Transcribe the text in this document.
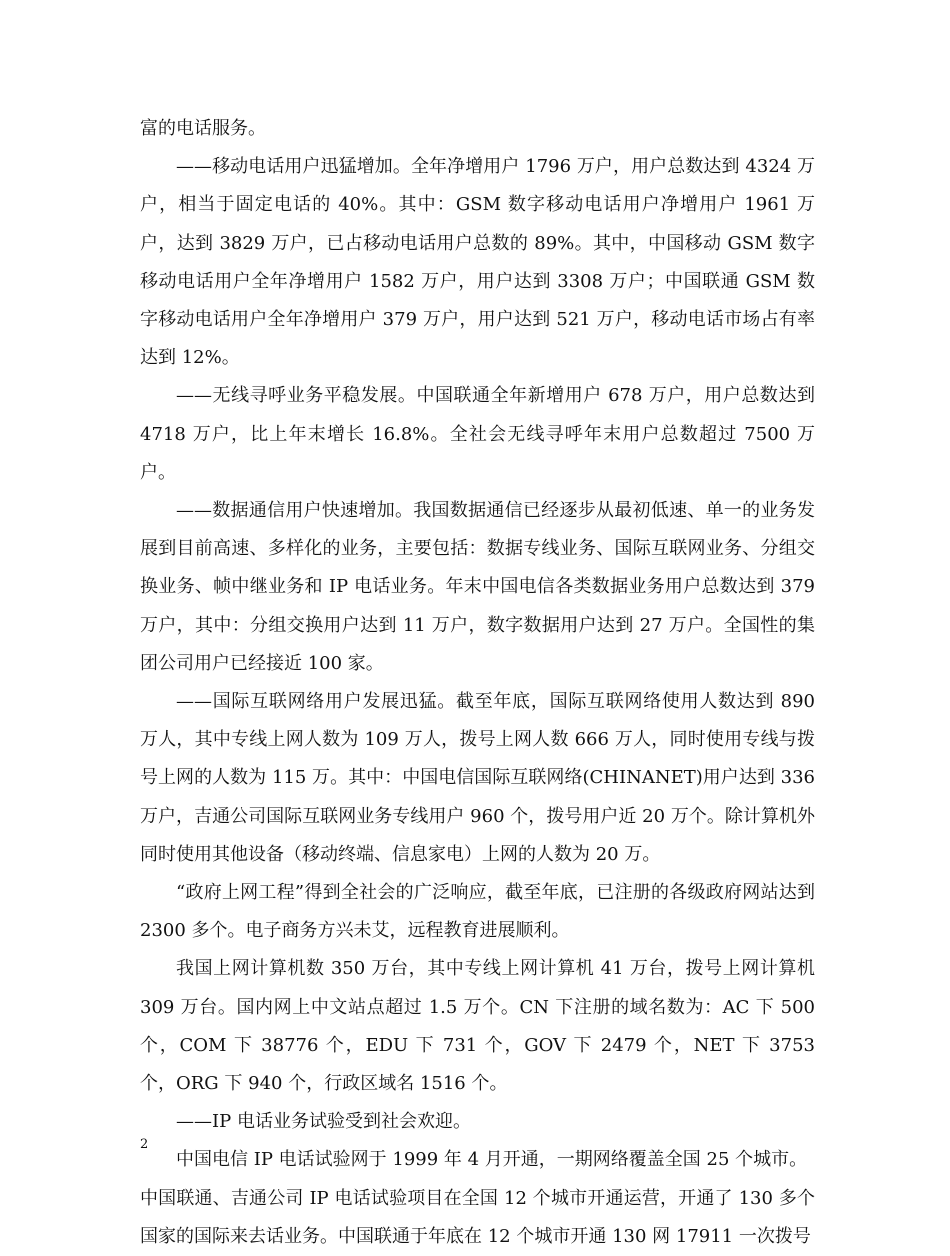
富的电话服务。

——移动电话用户迅猛增加。全年净增用户 1796 万户，用户总数达到 4324 万户，相当于固定电话的 40%。其中：GSM 数字移动电话用户净增用户 1961 万户，达到 3829 万户，已占移动电话用户总数的 89%。其中，中国移动 GSM 数字移动电话用户全年净增用户 1582 万户，用户达到 3308 万户；中国联通 GSM 数字移动电话用户全年净增用户 379 万户，用户达到 521 万户，移动电话市场占有率达到 12%。

——无线寻呼业务平稳发展。中国联通全年新增用户 678 万户，用户总数达到 4718 万户，比上年末增长 16.8%。全社会无线寻呼年末用户总数超过 7500 万户。

——数据通信用户快速增加。我国数据通信已经逐步从最初低速、单一的业务发展到目前高速、多样化的业务，主要包括：数据专线业务、国际互联网业务、分组交换业务、帧中继业务和 IP 电话业务。年末中国电信各类数据业务用户总数达到 379 万户，其中：分组交换用户达到 11 万户，数字数据用户达到 27 万户。全国性的集团公司用户已经接近 100 家。

——国际互联网络用户发展迅猛。截至年底，国际互联网络使用人数达到 890 万人，其中专线上网人数为 109 万人，拨号上网人数 666 万人，同时使用专线与拨号上网的人数为 115 万。其中：中国电信国际互联网络(CHINANET)用户达到 336 万户，吉通公司国际互联网业务专线用户 960 个，拨号用户近 20 万个。除计算机外同时使用其他设备（移动终端、信息家电）上网的人数为 20 万。

“政府上网工程”得到全社会的广泛响应，截至年底，已注册的各级政府网站达到 2300 多个。电子商务方兴未艾，远程教育进展顺利。

我国上网计算机数 350 万台，其中专线上网计算机 41 万台，拨号上网计算机 309 万台。国内网上中文站点超过 1.5 万个。CN 下注册的域名数为：AC 下 500 个，COM 下 38776 个，EDU 下 731 个，GOV 下 2479 个，NET 下 3753 个，ORG 下 940 个，行政区域名 1516 个。

——IP 电话业务试验受到社会欢迎。

中国电信 IP 电话试验网于 1999 年 4 月开通，一期网络覆盖全国 25 个城市。

中国联通、吉通公司 IP 电话试验项目在全国 12 个城市开通运营，开通了 130 多个国家的国际来去话业务。中国联通于年底在 12 个城市开通 130 网 17911 一次拨号

2
